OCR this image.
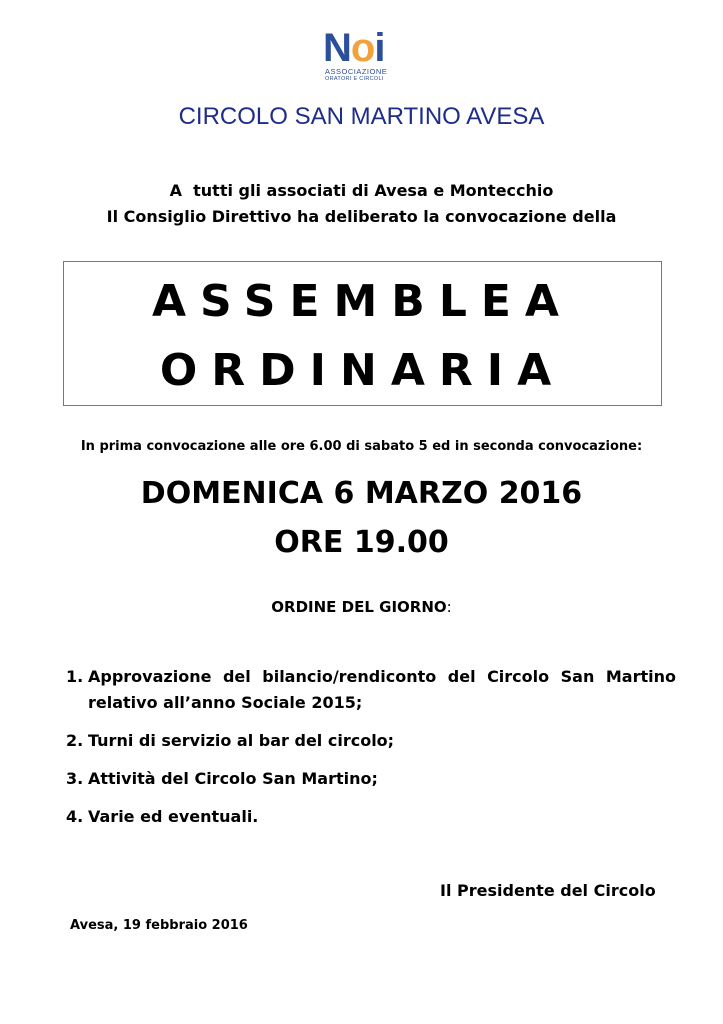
Noi
ASSOCIAZIONE
ORATORI E CIRCOLI
CIRCOLO SAN MARTINO AVESA
A  tutti gli associati di Avesa e Montecchio
Il Consiglio Direttivo ha deliberato la convocazione della
ASSEMBLEA
ORDINARIA
In prima convocazione alle ore 6.00 di sabato 5 ed in seconda convocazione:
DOMENICA 6 MARZO 2016
ORE 19.00
ORDINE DEL GIORNO:
1. Approvazione del bilancio/rendiconto del Circolo San Martino relativo all’anno Sociale 2015;
2. Turni di servizio al bar del circolo;
3. Attività del Circolo San Martino;
4. Varie ed eventuali.
Il Presidente del Circolo
Avesa, 19 febbraio 2016
